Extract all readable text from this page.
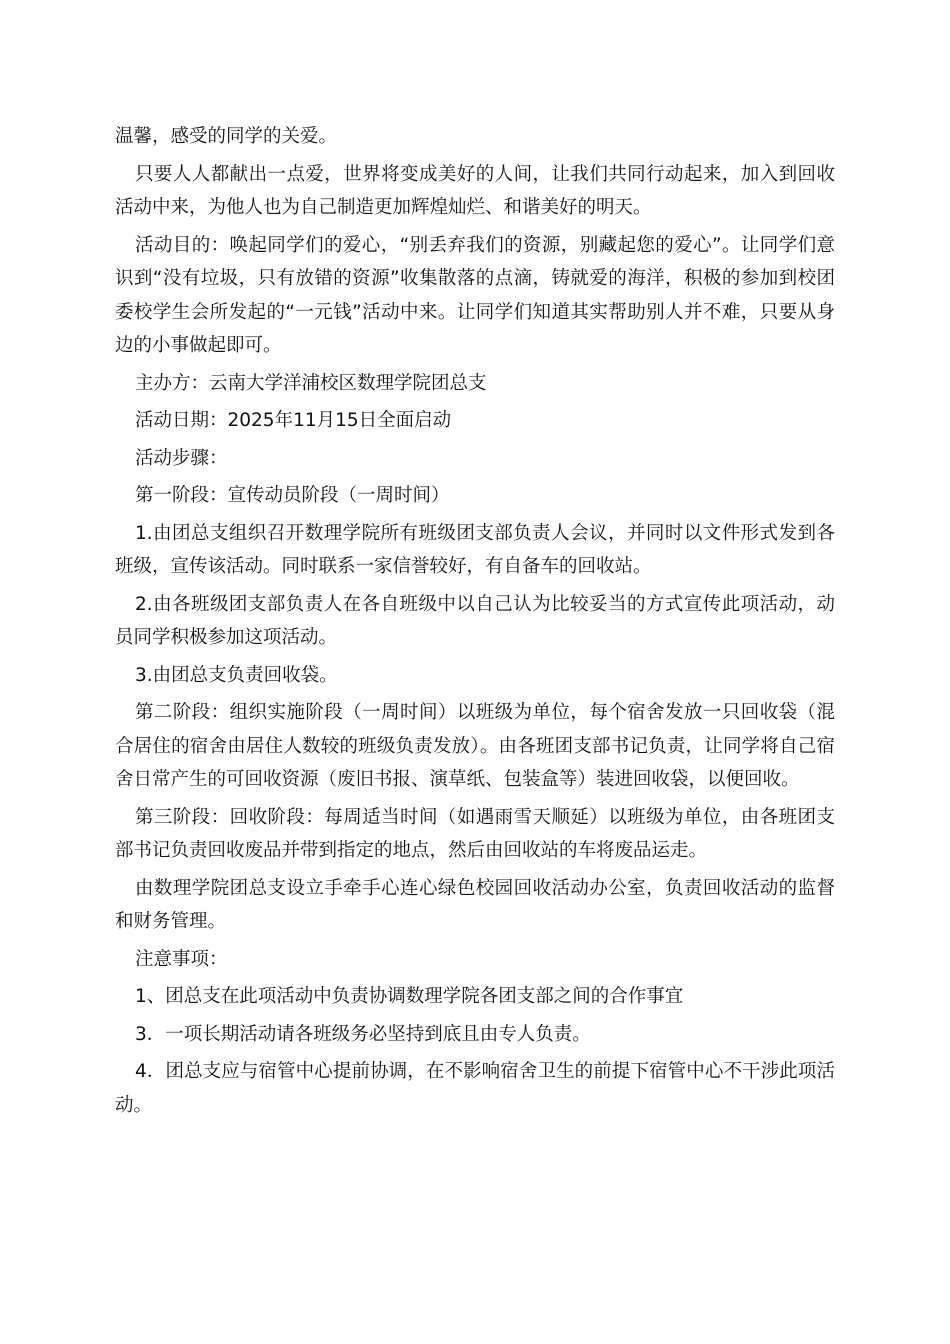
温馨，感受的同学的关爱。

只要人人都献出一点爱，世界将变成美好的人间，让我们共同行动起来，加入到回收活动中来，为他人也为自己制造更加辉煌灿烂、和谐美好的明天。

活动目的：唤起同学们的爱心，“别丢弃我们的资源，别藏起您的爱心”。让同学们意识到“没有垃圾，只有放错的资源”收集散落的点滴，铸就爱的海洋，积极的参加到校团委校学生会所发起的“一元钱”活动中来。让同学们知道其实帮助别人并不难，只要从身边的小事做起即可。

主办方：云南大学洋浦校区数理学院团总支

活动日期：2025年11月15日全面启动

活动步骤：

第一阶段：宣传动员阶段（一周时间）

1.由团总支组织召开数理学院所有班级团支部负责人会议，并同时以文件形式发到各班级，宣传该活动。同时联系一家信誉较好，有自备车的回收站。

2.由各班级团支部负责人在各自班级中以自己认为比较妥当的方式宣传此项活动，动员同学积极参加这项活动。

3.由团总支负责回收袋。

第二阶段：组织实施阶段（一周时间）以班级为单位，每个宿舍发放一只回收袋（混合居住的宿舍由居住人数较的班级负责发放）。由各班团支部书记负责，让同学将自己宿舍日常产生的可回收资源（废旧书报、演草纸、包装盒等）装进回收袋，以便回收。

第三阶段：回收阶段：每周适当时间（如遇雨雪天顺延）以班级为单位，由各班团支部书记负责回收废品并带到指定的地点，然后由回收站的车将废品运走。

由数理学院团总支设立手牵手心连心绿色校园回收活动办公室，负责回收活动的监督和财务管理。

注意事项：

1、团总支在此项活动中负责协调数理学院各团支部之间的合作事宜

3．一项长期活动请各班级务必坚持到底且由专人负责。

4．团总支应与宿管中心提前协调，在不影响宿舍卫生的前提下宿管中心不干涉此项活动。
